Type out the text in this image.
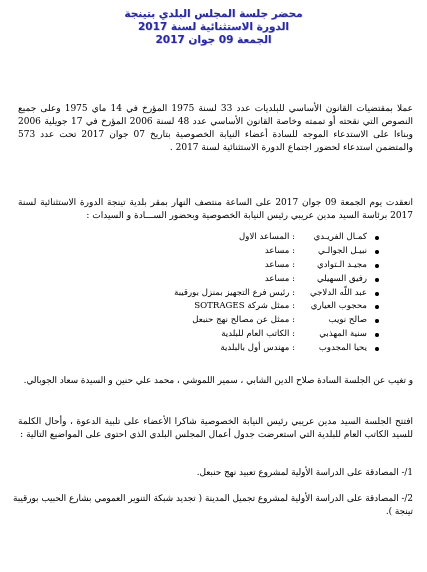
محضر جلسة المجلس البلدي بتينجة
الدورة الاستثنائية لسنة 2017
الجمعة 09 جوان 2017
عملا بمقتضيات القانون الأساسي للبلديات عدد 33 لسنة 1975 المؤرخ في 14 ماي 1975 وعلى جميع النصوص التي نقحته أو تممته وخاصة القانون الأساسي عدد 48 لسنة 2006 المؤرخ في 17 جويلية 2006 وبناءا على الاستدعاء الموجه للسادة أعضاء النيابة الخصوصية بتاريخ 07 جوان 2017 تحت عدد 573 والمتضمن استدعاء لحضور اجتماع الدورة الاستثنائية لسنة 2017 .
انعقدت يوم الجمعة 09 جوان 2017 على الساعة منتصف النهار بمقر بلدية تينجة الدورة الاستثنائية لسنة 2017 برئاسة السيد مدين عريبي رئيس النيابة الخصوصية وبحضور الســـادة و السيدات :
كمـال الفريـدي: المساعد الاول
نبيـل الجوالـي: مساعد
مجيـد الـتوادي: مساعد
رفيق السهيلي: مساعد
عبد اللّه الدلاجي: رئيس فرع التجهيز بمنزل بورقيبة
محجوب العياري: ممثل شركة SOTRAGES
صالح نويب: ممثل عن مصالح نهج حنبعل
سنية المهذبي: الكاتب العام للبلدية
يحيا المجدوب: مهندس أول بالبلدية
و تغيب عن الجلسة السادة صلاح الدين الشابي ، سمير اللموشي ، محمد علي حنين و السيدة سعاد الجوبالي.
افتتح الجلسة السيد مدين عريبي رئيس النيابة الخصوصية شاكرا الأعضاء على تلبية الدعوة ، وأحال الكلمة للسيد الكاتب العام للبلدية التي استعرضت جدول أعمال المجلس البلدي الذي احتوى على المواضيع التالية :
1/- المصادقة على الدراسة الأولية لمشروع تعبيد نهج حنبعل.
2/- المصادقة على الدراسة الأولية لمشروع تجميل المدينة ( تجديد شبكة التنوير العمومي بشارع الحبيب بورقيبة تينجة ).
